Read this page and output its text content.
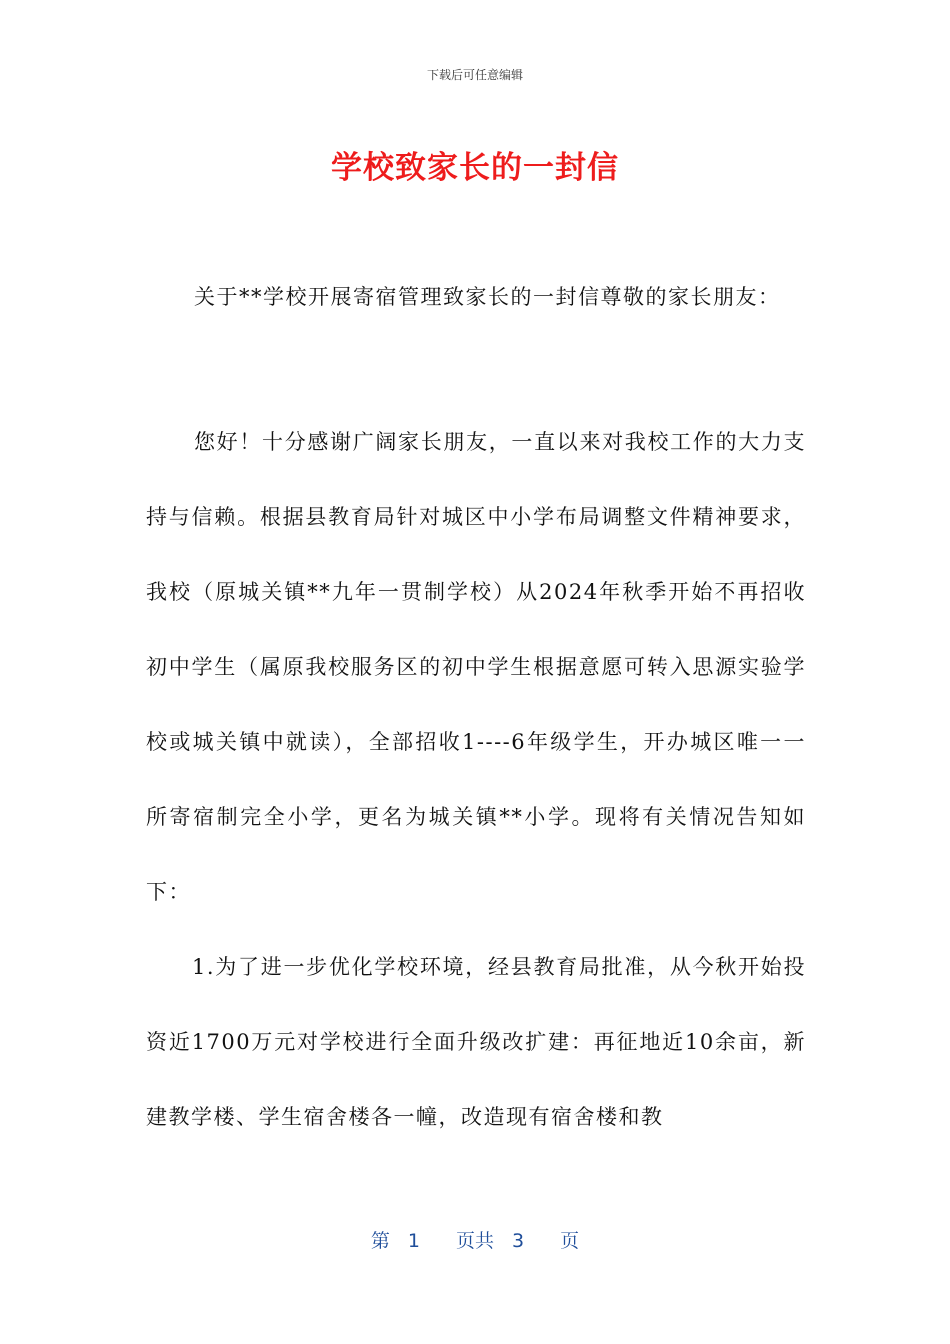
下载后可任意编辑
学校致家长的一封信

关于**学校开展寄宿管理致家长的一封信尊敬的家长朋友：

您好！十分感谢广阔家长朋友，一直以来对我校工作的大力支持与信赖。根据县教育局针对城区中小学布局调整文件精神要求，我校（原城关镇**九年一贯制学校）从2024年秋季开始不再招收初中学生（属原我校服务区的初中学生根据意愿可转入思源实验学校或城关镇中就读），全部招收1----6年级学生，开办城区唯一一所寄宿制完全小学，更名为城关镇**小学。现将有关情况告知如下：

1.为了进一步优化学校环境，经县教育局批准，从今秋开始投资近1700万元对学校进行全面升级改扩建：再征地近10余亩，新建教学楼、学生宿舍楼各一幢，改造现有宿舍楼和教

第 1 页共 3 页
